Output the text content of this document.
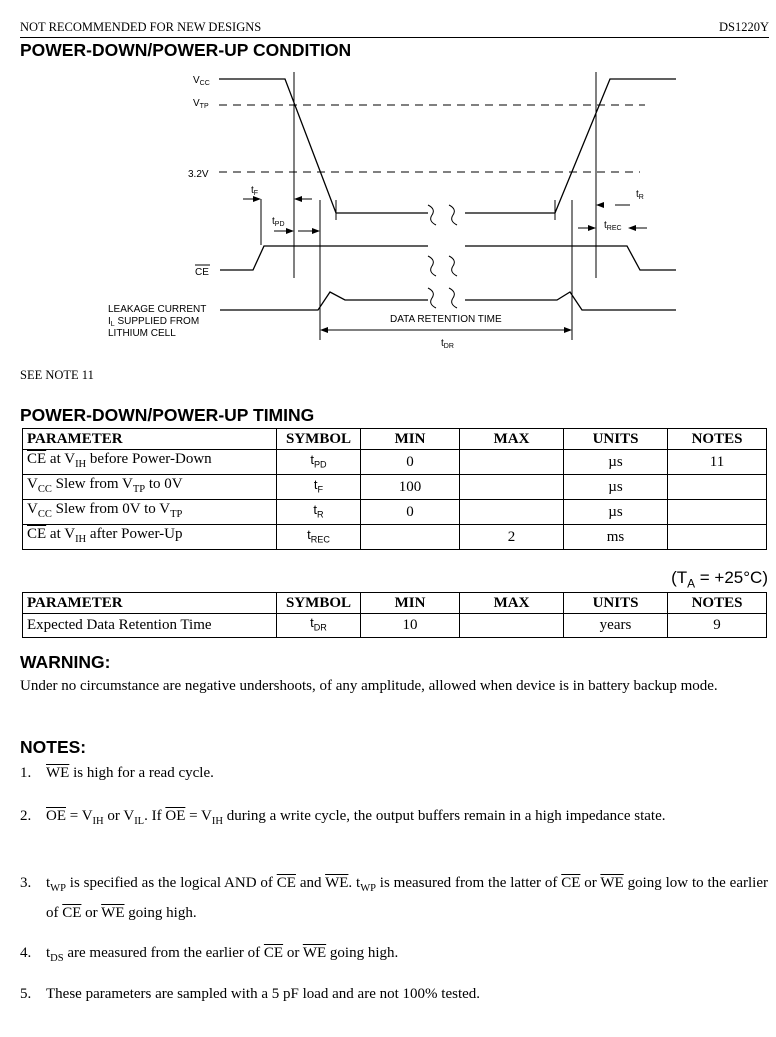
NOT RECOMMENDED FOR NEW DESIGNS	DS1220Y
POWER-DOWN/POWER-UP CONDITION
$V_{CC}$
$V_{TP}$
3.2V
$t_F$
$t_{PD}$
$t_R$
$t_{REC}$
CE
LEAKAGE CURRENT
$I_L$ SUPPLIED FROM
LITHIUM CELL
DATA RETENTION TIME
$t_{DR}$
SEE NOTE 11
POWER-DOWN/POWER-UP TIMING
PARAMETER	SYMBOL	MIN	MAX	UNITS	NOTES
$\overline{CE}$ at $V_{IH}$ before Power-Down	$t_{PD}$	0		µs	11
$V_{CC}$ Slew from $V_{TP}$ to 0V	$t_F$	100		µs	
$V_{CC}$ Slew from 0V to $V_{TP}$	$t_R$	0		µs	
$\overline{CE}$ at $V_{IH}$ after Power-Up	$t_{REC}$		2	ms	
$(T_A = +25^\circ C)$
PARAMETER	SYMBOL	MIN	MAX	UNITS	NOTES
Expected Data Retention Time	$t_{DR}$	10		years	9
WARNING:
Under no circumstance are negative undershoots, of any amplitude, allowed when device is in battery backup mode.
NOTES:
1. $\overline{WE}$ is high for a read cycle.
2. $\overline{OE} = V_{IH}$ or $V_{IL}$. If $\overline{OE} = V_{IH}$ during a write cycle, the output buffers remain in a high impedance state.
3. $t_{WP}$ is specified as the logical AND of $\overline{CE}$ and $\overline{WE}$. $t_{WP}$ is measured from the latter of $\overline{CE}$ or $\overline{WE}$ going low to the earlier of $\overline{CE}$ or $\overline{WE}$ going high.
4. $t_{DS}$ are measured from the earlier of $\overline{CE}$ or $\overline{WE}$ going high.
5. These parameters are sampled with a 5 pF load and are not 100% tested.
